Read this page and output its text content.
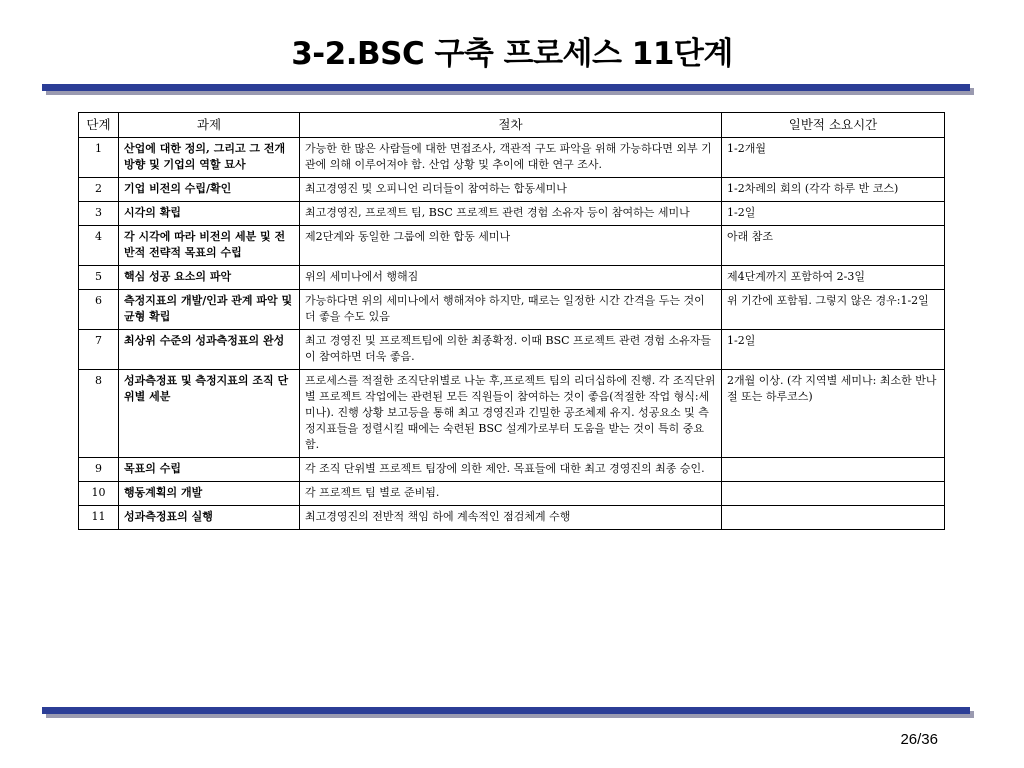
3-2.BSC 구축 프로세스 11단계
단계	과제	절차	일반적 소요시간
1	산업에 대한 정의, 그리고 그 전개방향 및 기업의 역할 묘사	가능한 한 많은 사람들에 대한 면접조사, 객관적 구도 파악을 위해 가능하다면 외부 기관에 의해 이루어져야 함. 산업 상황 및 추이에 대한 연구 조사.	1-2개월
2	기업 비전의 수립/확인	최고경영진 및 오피니언 리더들이 참여하는 합동세미나	1-2차례의 회의 (각각 하루 반 코스)
3	시각의 확립	최고경영진, 프로젝트 팀, BSC 프로젝트 관련 경험 소유자 등이 참여하는 세미나	1-2일
4	각 시각에 따라 비전의 세분 및 전반적 전략적 목표의 수립	제2단계와 동일한 그룹에 의한 합동 세미나	아래 참조
5	핵심 성공 요소의 파악	위의 세미나에서 행해짐	제4단계까지 포함하여 2-3일
6	측정지표의 개발/인과 관계 파악 및 균형 확립	가능하다면 위의 세미나에서 행해져야 하지만, 때로는 일정한 시간 간격을 두는 것이 더 좋을 수도 있음	위 기간에 포함됨. 그렇지 않은 경우:1-2일
7	최상위 수준의 성과측정표의 완성	최고 경영진 및 프로젝트팀에 의한 최종확정. 이때 BSC 프로젝트 관련 경험 소유자들이 참여하면 더욱 좋음.	1-2일
8	성과측정표 및 측정지표의 조직 단위별 세분	프로세스를 적절한 조직단위별로 나눈 후,프로젝트 팀의 리더십하에 진행. 각 조직단위별 프로젝트 작업에는 관련된 모든 직원들이 참여하는 것이 좋음(적절한 작업 형식:세미나). 진행 상황 보고등을 통해 최고 경영진과 긴밀한 공조체제 유지. 성공요소 및 측정지표들을 정렬시킬 때에는 숙련된 BSC 설계가로부터 도움을 받는 것이 특히 중요함.	2개월 이상. (각 지역별 세미나: 최소한 반나절 또는 하루코스)
9	목표의 수립	각 조직 단위별 프로젝트 팀장에 의한 제안. 목표들에 대한 최고 경영진의 최종 승인.	
10	행동계획의 개발	각 프로젝트 팀 별로 준비됨.	
11	성과측정표의 실행	최고경영진의 전반적 책임 하에 계속적인 점검체계 수행	
26/36
